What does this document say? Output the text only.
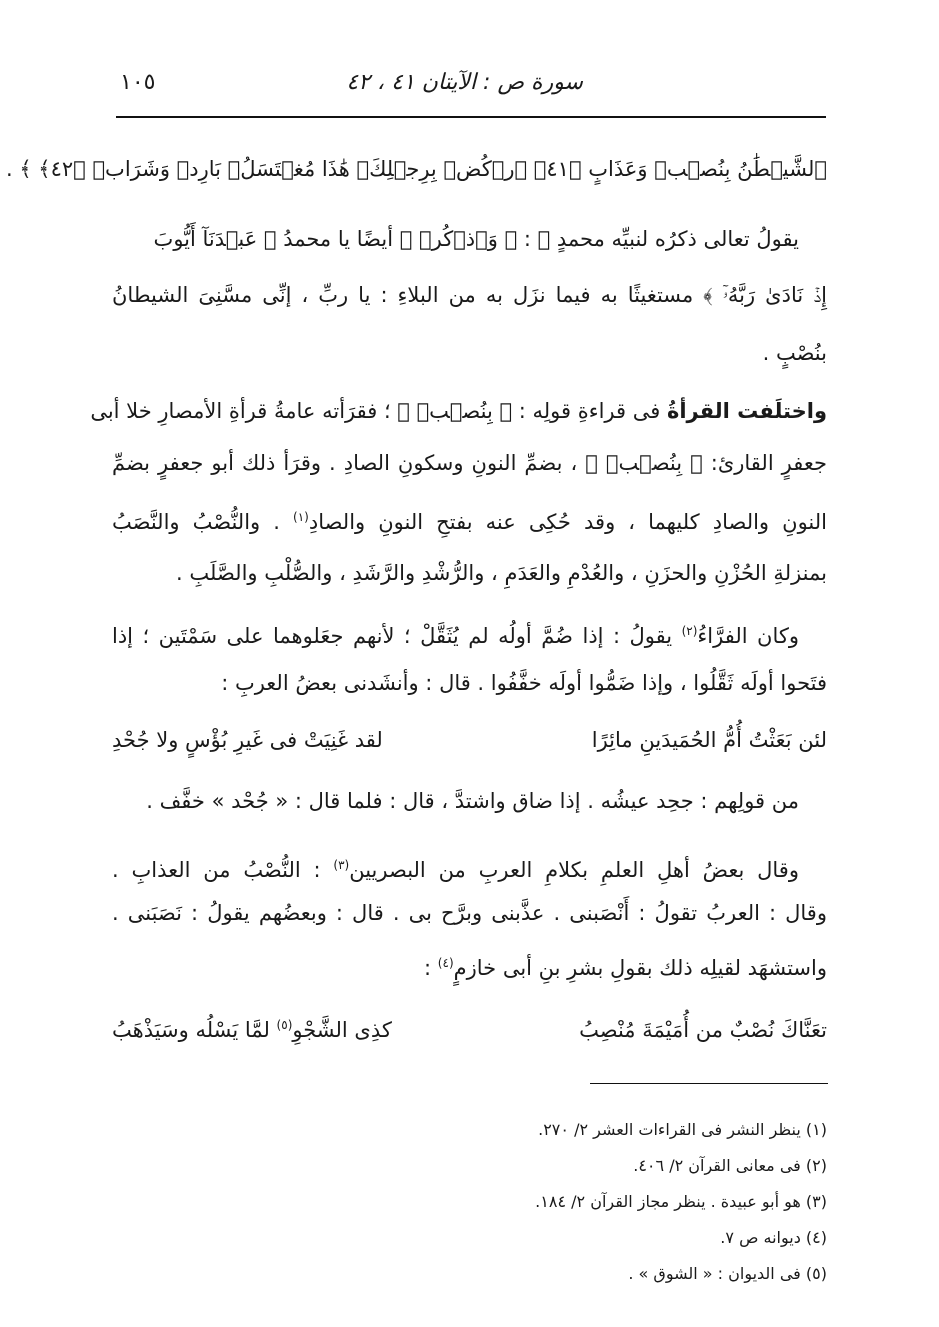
سورة ص : الآيتان ٤١ ، ٤٢
١٠٥
ٱلشَّيۡطَٰنُ بِنُصۡبٖ وَعَذَابٍ ﴿٤١﴾ ٱرۡكُضۡ بِرِجۡلِكَۖ هَٰذَا مُغۡتَسَلُۢ بَارِدٞ وَشَرَابٞ ﴿٤٢﴾ ﴾ .
يقولُ تعالى ذكرُه لنبيِّه محمدٍ ﷺ : ﴿ وَٱذۡكُرۡ ﴾ أيضًا يا محمدُ ﴿ عَبۡدَنَآ أَيُّوبَ
إِذۡ نَادَىٰ رَبَّهُۥٓ ﴾ مستغيثًا به فيما نزَل به من البلاءِ : يا ربِّ ، إنِّى مسَّنِىَ الشيطانُ
بنُصْبٍ .
واختلَفت القرأةُ فى قراءةِ قولِه : ﴿ بِنُصۡبٖ ﴾ ؛ فقرَأته عامةُ قرأةِ الأمصارِ خلا أبى
جعفرٍ القارئ: ﴿ بِنُصۡبٖ ﴾ ، بضمِّ النونِ وسكونِ الصادِ . وقرَأ ذلك أبو جعفرٍ بضمِّ
النونِ والصادِ كليهما ، وقد حُكِى عنه بفتحِ النونِ والصادِ$^{(١)}$ . والنُّصْبُ والنَّصَبُ
بمنزلةِ الحُزْنِ والحزَنِ ، والعُدْمِ والعَدَمِ ، والرُّشْدِ والرَّشَدِ ، والصُّلْبِ والصَّلَبِ .
وكان الفرَّاءُ$^{(٢)}$ يقولُ : إذا ضُمَّ أولُه لم يُثَقَّلْ ؛ لأنهم جعَلوهما على سَمْتَين ؛ إذا
فتَحوا أولَه ثَقَّلُوا ، وإذا ضَمُّوا أولَه خفَّفُوا . قال : وأنشَدنى بعضُ العربِ :
لئن بَعَثْتُ أُمُّ الحُمَيدَينِ مائِرًا
لقد غَنِيَتْ فى غَيرِ بُؤْسٍ ولا جُحْدِ
من قولِهم : جحِد عيشُه . إذا ضاق واشتدَّ ، قال : فلما قال : « جُحْد » خفَّف .
وقال بعضُ أهلِ العلمِ بكلامِ العربِ من البصريين$^{(٣)}$ : النُّصْبُ من العذابِ .
وقال : العربُ تقولُ : أَنْصَبنى . عذَّبنى وبرَّح بى . قال : وبعضُهم يقولُ : نَصَبَنى .
واستشهَد لقيلِه ذلك بقولِ بشرِ بنِ أبى خازمٍ$^{(٤)}$ :
تعَنَّاكَ نُصْبٌ من أُمَيْمَةَ مُنْصِبُ
كذِى الشَّجْوِ$^{(٥)}$ لمَّا يَسْلُه وسَيَذْهَبُ
(١) ينظر النشر فى القراءات العشر ٢/ ٢٧٠.
(٢) فى معانى القرآن ٢/ ٤٠٦.
(٣) هو أبو عبيدة . ينظر مجاز القرآن ٢/ ١٨٤.
(٤) ديوانه ص ٧.
(٥) فى الديوان : « الشوق » .
